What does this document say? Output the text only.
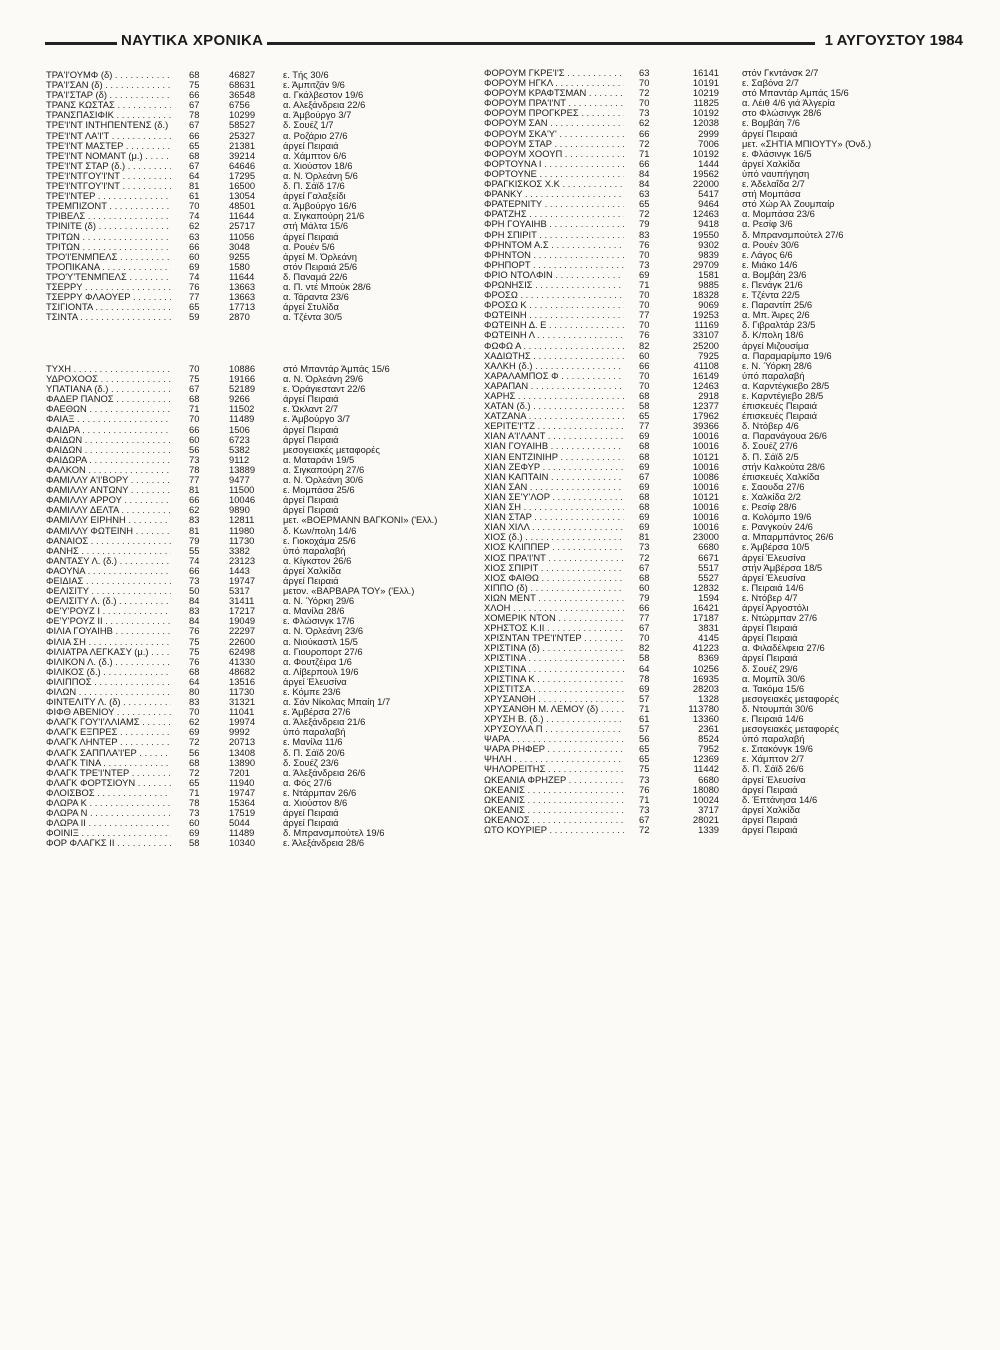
ΝΑΥΤΙΚΑ ΧΡΟΝΙΚΑ	1 ΑΥΓΟΥΣΤΟΥ 1984
ΤΡΑ'Ι'ΟΥΜΦ (δ) . . .	68	46827	ε. Τής 30/6
ΤΡΑ'Ι'ΣΑΝ (δ) . . .	75	68631	ε. Άμπιτζάν 9/6
ΤΡΑ'Ι'ΣΤΑΡ (δ) . . .	66	36548	α. Γκάλβεστον 19/6
ΤΡΑΝΣ ΚΩΣΤΑΣ . . .	67	6756	α. Αλεξάνδρεια 22/6
ΤΡΑΝΣΠΑΣΙΦΙΚ . . .	78	10299	α. Άμβούργο 3/7
ΤΡΕ'Ι'ΝΤ ΙΝΤΗΠΕΝΤΕΝΣ (δ.) . . . 67	58527	δ. Σουέζ 1/7
ΤΡΕ'Ι'ΝΤ ΛΑ'Ι'Τ . . .	66	25327	α. Ροζάριο 27/6
ΤΡΕ'Ι'ΝΤ ΜΑΣΤΕΡ . . .	65	21381	άργεί Πειραιά
ΤΡΕ'Ι'ΝΤ ΝΟΜΑΝΤ (μ.) . . .	68	39214	α. Χάμπτον 6/6
ΤΡΕ'Ι'ΝΤ ΣΤΑΡ (δ.) . . .	67	64646	α. Χιούστον 18/6
ΤΡΕ'Ι'ΝΤΓΟΥ'Ι'ΝΤ . . .	64	17295	α. Ν. Όρλεάνη 5/6
ΤΡΕ'Ι'ΝΤΓΟΥ'Ι'ΝΤ . . .	81	16500	δ. Π. Σάϊδ 17/6
ΤΡΕ'Ι'ΝΤΕΡ . . .	61	13054	άργεί Γαλαξείδι
ΤΡΕΜΠΙΖΟΝΤ . . .	70	48501	α. Άμβούργο 16/6
ΤΡΙΒΕΛΣ . . .	74	11644	α. Σιγκαπούρη 21/6
ΤΡΙΝΙΤΕ (δ) . . .	62	25717	στή Μάλτα 15/6
ΤΡΙΤΩΝ . . .	63	11056	άργεί Πειραιά
ΤΡΙΤΩΝ . . .	66	3048	α. Ρουέν 5/6
ΤΡΟ'Ι'ΕΝΜΠΕΛΣ . . .	60	9255	άργεί Μ. Όρλεάνη
ΤΡΟΠΙΚΑΝΑ . . .	69	1580	στόν Πειραιά 25/6
ΤΡΟ'Υ'ΤΕΝΜΠΕΛΣ . . .	74	11644	δ. Παναμά 22/6
ΤΣΕΡΡΥ . . .	76	13663	α. Π. ντέ Μπούκ 28/6
ΤΣΕΡΡΥ ΦΛΑΟΥΕΡ . . .	77	13663	α. Τάραντα 23/6
ΤΣΙΓΙΟΝΤΑ . . .	65	17713	άργεί Στυλίδα
ΤΣΙΝΤΑ . . .	59	2870	α. Τζέντα 30/5
ΤΥΧΗ . . .	70	10886	στό Μπαντάρ Άμπάς 15/6
ΥΔΡΟΧΟΟΣ . . .	75	19166	α. Ν. Όρλεάνη 29/6
ΥΠΑΤΙΑΝΑ (δ.) . . .	67	52189	ε. Όράγιεσταντ 22/6
ΦΑΔΕΡ ΠΑΝΟΣ . . .	68	9266	άργεί Πειραιά
ΦΑΕΘΩΝ . . .	71	11502	ε. Ώκλαντ 2/7
ΦΑΙΑΞ . . .	70	11489	ε. Άμβούργο 3/7
ΦΑΙΔΡΑ . . .	66	1506	άργεί Πειραιά
ΦΑΙΔΩΝ . . .	60	6723	άργεί Πειραιά
ΦΑΙΔΩΝ . . .	56	5382	μεσογειακές μεταφορές
ΦΑΙΔΩΡΑ . . .	73	9112	α. Ματαράνι 19/5
ΦΑΛΚΟΝ . . .	78	13889	α. Σιγκαπούρη 27/6
ΦΑΜΙΛΛΥ Α'Ι'ΒΟΡΥ . . .	77	9477	α. Ν. Όρλεάνη 30/6
ΦΑΜΙΛΛΥ ΑΝΤΩΝΥ . . .	81	11500	ε. Μομπάσα 25/6
ΦΑΜΙΛΛΥ ΑΡΡΟΥ . . .	66	10046	άργεί Πειραιά
ΦΑΜΙΛΛΥ ΔΕΛΤΑ . . .	62	9890	άργεί Πειραιά
ΦΑΜΙΛΛΥ ΕΙΡΗΝΗ . . .	83	12811	μετ. «ΒΟΕΡΜΑΝΝ ΒΑΓΚΟΝΙ» ('Ελλ.)
ΦΑΜΙΛΛΥ ΦΩΤΕΙΝΗ . . .	81	11980	δ. Κων/πολη 14/6
ΦΑΝΑΙΟΣ . . .	79	11730	ε. Γιοκοχάμα 25/6
ΦΑΝΗΣ . . .	55	3382	ύπό παραλαβή
ΦΑΝΤΑΣΥ Λ. (δ.) . . .	74	23123	α. Κίγκστον 26/6
ΦΑΟΥΝΑ . . .	66	1443	άργεί Χαλκίδα
ΦΕΙΔΙΑΣ . . .	73	19747	άργεί Πειραιά
ΦΕΛΙΣΙΤΥ . . .	50	5317	μετον. «ΒΑΡΒΑΡΑ ΤΟΥ» ('Ελλ.)
ΦΕΛΙΣΙΤΥ Λ. (δ.) . . .	84	31411	α. Ν. Ύόρκη 29/6
ΦΕ'Υ'ΡΟΥΖ Ι . . .	83	17217	α. Μανίλα 28/6
ΦΕ'Υ'ΡΟΥΖ ΙΙ . . .	84	19049	ε. Φλώσινγκ 17/6
ΦΙΛΙΑ ΓΟΥΑΙΗΒ . . .	76	22297	α. Ν. Όρλεάνη 23/6
ΦΙΛΙΑ ΣΗ . . .	75	22600	α. Νιούκαστλ 15/5
ΦΙΛΙΑΤΡΑ ΛΕΓΚΑΣΥ (μ.) . . .	75	62498	α. Γιουροπορτ 27/6
ΦΙΛΙΚΟΝ Λ. (δ.) . . .	76	41330	α. Φουτζέιρα 1/6
ΦΙΛΙΚΟΣ (δ.) . . .	68	48682	α. Λίβερπουλ 19/6
ΦΙΛΙΠΠΟΣ . . .	64	13516	άργεί Έλευσίνα
ΦΙΛΩΝ . . .	80	11730	ε. Κόμπε 23/6
ΦΙΝΤΕΛΙΤΥ Λ. (δ) . . .	83	31321	α. Σάν Νίκολας Μπαίη 1/7
ΦΙΦΘ ΑΒΕΝΙΟΥ . . .	70	11041	ε. Άμβέρσα 27/6
ΦΛΑΓΚ ΓΟΥ'Ι'ΛΛΙΑΜΣ . . .	62	19974	α. Άλεξάνδρεια 21/6
ΦΛΑΓΚ ΕΞΠΡΕΣ . . .	69	9992	ύπό παραλαβή
ΦΛΑΓΚ ΛΗΝΤΕΡ . . .	72	20713	ε. Μανίλα 11/6
ΦΛΑΓΚ ΣΑΠΠΛΑ'Ι'ΕΡ . . .	56	13408	δ. Π. Σάϊδ 20/6
ΦΛΑΓΚ ΤΙΝΑ . . .	68	13890	δ. Σουέζ 23/6
ΦΛΑΓΚ ΤΡΕ'Ι'ΝΤΕΡ . . .	72	7201	α. Άλεξάνδρεια 26/6
ΦΛΑΓΚ ΦΟΡΤΣΙΟΥΝ . . .	65	11940	α. Φός 27/6
ΦΛΟΙΣΒΟΣ . . .	71	19747	ε. Ντάρμπαν 26/6
ΦΛΩΡΑ Κ . . .	78	15364	α. Χιούστον 8/6
ΦΛΩΡΑ Ν . . .	73	17519	άργεί Πειραιά
ΦΛΩΡΑ ΙΙ . . .	60	5044	άργεί Πειραιά
ΦΟΙΝΙΞ . . .	69	11489	δ. Μπρανσμπούτελ 19/6
ΦΟΡ ΦΛΑΓΚΣ ΙΙ . . .	58	10340	ε. Άλεξάνδρεια 28/6
ΦΟΡΟΥΜ ΓΚΡΕ'Ι'Σ . . .	63	16141 στόν Γκντάνσκ 2/7
ΦΟΡΟΥΜ ΗΓΚΛ . . .	70	10191 ε. Σαβόνα 2/7
ΦΟΡΟΥΜ ΚΡΑΦΤΣΜΑΝ . . .	72	10219 στό Μπαντάρ Αμπάς 15/6
ΦΟΡΟΥΜ ΠΡΑ'Ι'ΝΤ . . .	70	11825 α. Λέιθ 4/6 γιά Άλγερία
ΦΟΡΟΥΜ ΠΡΟΓΚΡΕΣ . . .	73	10192 στο Φλώσινγκ 28/6
ΦΟΡΟΥΜ ΣΑΝ . . .	62	12038 ε. Βομβάη 7/6
ΦΟΡΟΥΜ ΣΚΑ'Υ' . . .	66	2999 άργεί Πειραιά
ΦΟΡΟΥΜ ΣΤΑΡ . . .	72	7006 μετ. «ΣΗΤΙΑ ΜΠΙΟΥΤΥ» (Όνδ.)
ΦΟΡΟΥΜ ΧΟΟΥΠ . . .	71	10192 ε. Φλάσινγκ 16/5
ΦΟΡΤΟΥΝΑ Ι . . .	66	1444 άργεί Χαλκίδα
ΦΟΡΤΟΥΝΕ . . .	84	19562 ύπό ναυπήγηση
ΦΡΑΓΚΙΣΚΟΣ Χ.Κ . . .	84	22000 ε. Άδελαΐδα 2/7
ΦΡΑΝΚΥ . . .	63	5417 στή Μομπάσα
ΦΡΑΤΕΡΝΙΤΥ . . .	65	9464 στό Χώρ Άλ Ζουμπαίρ
ΦΡΑΤΖΗΣ . . .	72	12463 α. Μομπάσα 23/6
ΦΡΗ ΓΟΥΑΙΗΒ . . .	79	9418 α. Ρεσίφ 3/6
ΦΡΗ ΣΠΙΡΙΤ . . .	83	19550 δ. Μπρανσμπούτελ 27/6
ΦΡΗΝΤΟΜ Α.Σ . . .	76	9302 α. Ρουέν 30/6
ΦΡΗΝΤΟΝ . . .	70	9839 ε. Λάγος 6/6
ΦΡΗΠΟΡΤ . . .	73	29709 ε. Μιάκο 14/6
ΦΡΙΟ ΝΤΟΛΦΙΝ . . .	69	1581 α. Βομβάη 23/6
ΦΡΩΝΗΣΙΣ . . .	71	9885 ε. Πενάγκ 21/6
ΦΡΟΣΩ . . .	70	18328 ε. Τζέντα 22/5
ΦΡΟΣΩ Κ . . .	70	9069 ε. Παραντίπ 25/6
ΦΩΤΕΙΝΗ . . .	77	19253 α. Μπ. Άιρες 2/6
ΦΩΤΕΙΝΗ Δ. Ε . . .	70	11169 δ. Γιβραλτάρ 23/5
ΦΩΤΕΙΝΗ Λ . . .	76	33107 δ. Κ/πολη 18/6
ΦΩΦΩ Α . . .	82	25200 άργεί Μιζουσίμα
ΧΑΔΙΩΤΗΣ . . .	60	7925 α. Παραμαρίμπο 19/6
ΧΑΛΚΗ (δ.) . . .	66	41108 ε. Ν. Ύόρκη 28/6
ΧΑΡΑΛΑΜΠΟΣ Φ . . .	70	16149 ύπό παραλαβή
ΧΑΡΑΠΑΝ . . .	70	12463 α. Καρντέγκιεβο 28/5
ΧΑΡΗΣ . . .	68	2918 ε. Καρντέγιεβο 28/5
ΧΑΤΑΝ (δ.) . . .	58	12377 έπισκευές Πειραιά
ΧΑΤΖΑΝΑ . . .	65	17962 έπισκευές Πειραιά
ΧΕΡΙΤΕ'Ι'ΤΖ . . .	77	39366 δ. Ντόβερ 4/6
ΧΙΑΝ Α'Ι'ΛΑΝΤ . . .	69	10016 α. Παρανάγουα 26/6
ΧΙΑΝ ΓΟΥΑΙΗΒ . . .	68	10016 δ. Σουέζ 27/6
ΧΙΑΝ ΕΝΤΖΙΝΙΗΡ . . .	68	10121 δ. Π. Σάϊδ 2/5
ΧΙΑΝ ΖΕΦΥΡ . . .	69	10016 στήν Καλκούτα 28/6
ΧΙΑΝ ΚΑΠΤΑΙΝ . . .	67	10086 έπισκευές Χαλκίδα
ΧΙΑΝ ΣΑΝ . . .	69	10016 ε. Σαουδα 27/6
ΧΙΑΝ ΣΕ'Υ'ΛΟΡ . . .	68	10121 ε. Χαλκίδα 2/2
ΧΙΑΝ ΣΗ . . .	68	10016 ε. Ρεσίφ 28/6
ΧΙΑΝ ΣΤΑΡ . . .	69	10016 α. Κολόμπο 19/6
ΧΙΑΝ ΧΙΛΛ . . .	69	10016 ε. Ρανγκούν 24/6
ΧΙΟΣ (δ.) . . .	81	23000 α. Μπαρμπάντος 26/6
ΧΙΟΣ ΚΛΙΠΠΕΡ . . .	73	6680 ε. Άμβέρσα 10/5
ΧΙΟΣ ΠΡΑ'Ι'ΝΤ . . .	72	6671 άργεί Έλευσίνα
ΧΙΟΣ ΣΠΙΡΙΤ . . .	67	5517 στήν Άμβέρσα 18/5
ΧΙΟΣ ΦΑΙΘΩ . . .	68	5527 άργεί Έλευσίνα
ΧΙΠΠΟ (δ) . . .	60	12832 ε. Πειραιά 14/6
ΧΙΩΝ ΜΕΝΤ . . .	79	1594 ε. Ντόβερ 4/7
ΧΛΟΗ . . .	66	16421 άργεί Άργοστόλι
ΧΟΜΕΡΙΚ ΝΤΟΝ . . .	77	17187 ε. Ντώρμπαν 27/6
ΧΡΗΣΤΟΣ Κ.ΙΙ . . .	67	3831 άργεί Πειραιά
ΧΡΙΣΝΤΑΝ ΤΡΕ'Ι'ΝΤΕΡ . . .	70	4145 άργεί Πειραιά
ΧΡΙΣΤΙΝΑ (δ) . . .	82	41223 α. Φιλαδέλφεια 27/6
ΧΡΙΣΤΙΝΑ . . .	58	8369 άργεί Πειραιά
ΧΡΙΣΤΙΝΑ . . .	64	10256 δ. Σουέζ 29/6
ΧΡΙΣΤΙΝΑ Κ . . .	78	16935 α. Μομπίλ 30/6
ΧΡΙΣΤΙΤΣΑ . . .	69	28203 α. Τακόμα 15/6
ΧΡΥΣΑΝΘΗ . . .	57	1328 μεσογειακές μεταφορές
ΧΡΥΣΑΝΘΗ Μ. ΛΕΜΟΥ (δ) . . .	71	113780 δ. Ντουμπάι 30/6
ΧΡΥΣΗ Β. (δ.) . . .	61	13360 ε. Πειραιά 14/6
ΧΡΥΣΟΥΛΑ Π . . .	57	2361 μεσογειακές μεταφορές
ΨΑΡΑ . . .	56	8524 ύπό παραλαβή
ΨΑΡΑ ΡΗΦΕΡ . . .	65	7952 ε. Σιτακόνγκ 19/6
ΨΗΛΗ . . .	65	12369 ε. Χάμπτον 2/7
ΨΗΛΟΡΕΙΤΗΣ . . .	75	11442 δ. Π. Σάϊδ 26/6
ΩΚΕΑΝΙΑ ΦΡΗΖΕΡ . . .	73	6680 άργεί Έλευσίνα
ΩΚΕΑΝΙΣ . . .	76	18080 άργεί Πειραιά
ΩΚΕΑΝΙΣ . . .	71	10024 δ. Έπτάνησα 14/6
ΩΚΕΑΝΙΣ . . .	73	3717 άργεί Χαλκίδα
ΩΚΕΑΝΟΣ . . .	67	28021 άργεί Πειραιά
ΩΤΟ ΚΟΥΡΙΕΡ . . .	72	1339 άργεί Πειραιά
